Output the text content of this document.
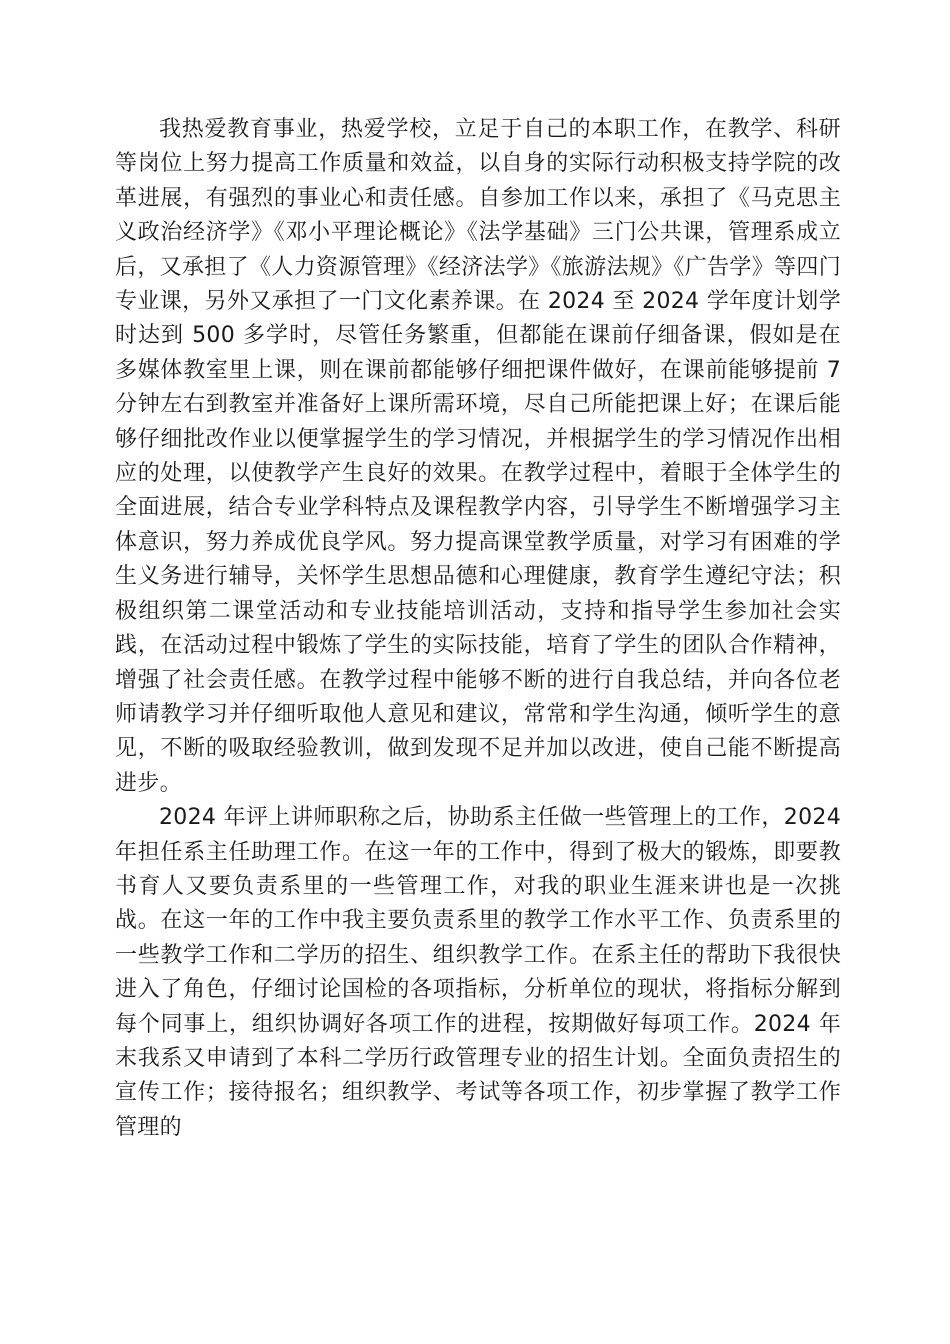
我热爱教育事业，热爱学校，立足于自己的本职工作，在教学、科研等岗位上努力提高工作质量和效益，以自身的实际行动积极支持学院的改革进展，有强烈的事业心和责任感。自参加工作以来，承担了《马克思主义政治经济学》《邓小平理论概论》《法学基础》三门公共课，管理系成立后，又承担了《人力资源管理》《经济法学》《旅游法规》《广告学》等四门专业课，另外又承担了一门文化素养课。在 2024 至 2024 学年度计划学时达到 500 多学时，尽管任务繁重，但都能在课前仔细备课，假如是在多媒体教室里上课，则在课前都能够仔细把课件做好，在课前能够提前 7 分钟左右到教室并准备好上课所需环境，尽自己所能把课上好；在课后能够仔细批改作业以便掌握学生的学习情况，并根据学生的学习情况作出相应的处理，以使教学产生良好的效果。在教学过程中，着眼于全体学生的全面进展，结合专业学科特点及课程教学内容，引导学生不断增强学习主体意识，努力养成优良学风。努力提高课堂教学质量，对学习有困难的学生义务进行辅导，关怀学生思想品德和心理健康，教育学生遵纪守法；积极组织第二课堂活动和专业技能培训活动，支持和指导学生参加社会实践，在活动过程中锻炼了学生的实际技能，培育了学生的团队合作精神，增强了社会责任感。在教学过程中能够不断的进行自我总结，并向各位老师请教学习并仔细听取他人意见和建议，常常和学生沟通，倾听学生的意见，不断的吸取经验教训，做到发现不足并加以改进，使自己能不断提高进步。

2024 年评上讲师职称之后，协助系主任做一些管理上的工作，2024 年担任系主任助理工作。在这一年的工作中，得到了极大的锻炼，即要教书育人又要负责系里的一些管理工作，对我的职业生涯来讲也是一次挑战。在这一年的工作中我主要负责系里的教学工作水平工作、负责系里的一些教学工作和二学历的招生、组织教学工作。在系主任的帮助下我很快进入了角色，仔细讨论国检的各项指标，分析单位的现状，将指标分解到每个同事上，组织协调好各项工作的进程，按期做好每项工作。2024 年末我系又申请到了本科二学历行政管理专业的招生计划。全面负责招生的宣传工作；接待报名；组织教学、考试等各项工作，初步掌握了教学工作管理的
